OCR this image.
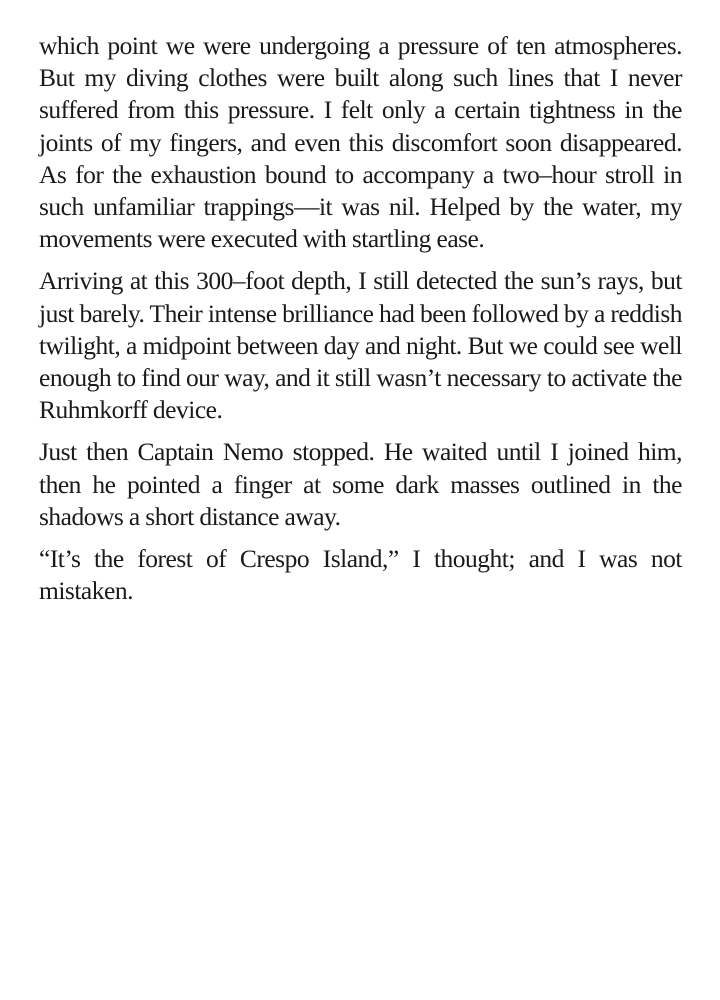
which point we were undergoing a pressure of ten atmospheres. But my diving clothes were built along such lines that I never suffered from this pressure. I felt only a certain tightness in the joints of my fingers, and even this discomfort soon disappeared. As for the exhaustion bound to accompany a two–hour stroll in such unfamiliar trappings—it was nil. Helped by the water, my movements were executed with startling ease.

Arriving at this 300–foot depth, I still detected the sun’s rays, but just barely. Their intense brilliance had been followed by a reddish twilight, a midpoint between day and night. But we could see well enough to find our way, and it still wasn’t necessary to activate the Ruhmkorff device.

Just then Captain Nemo stopped. He waited until I joined him, then he pointed a finger at some dark masses outlined in the shadows a short distance away.

“It’s the forest of Crespo Island,” I thought; and I was not mistaken.
